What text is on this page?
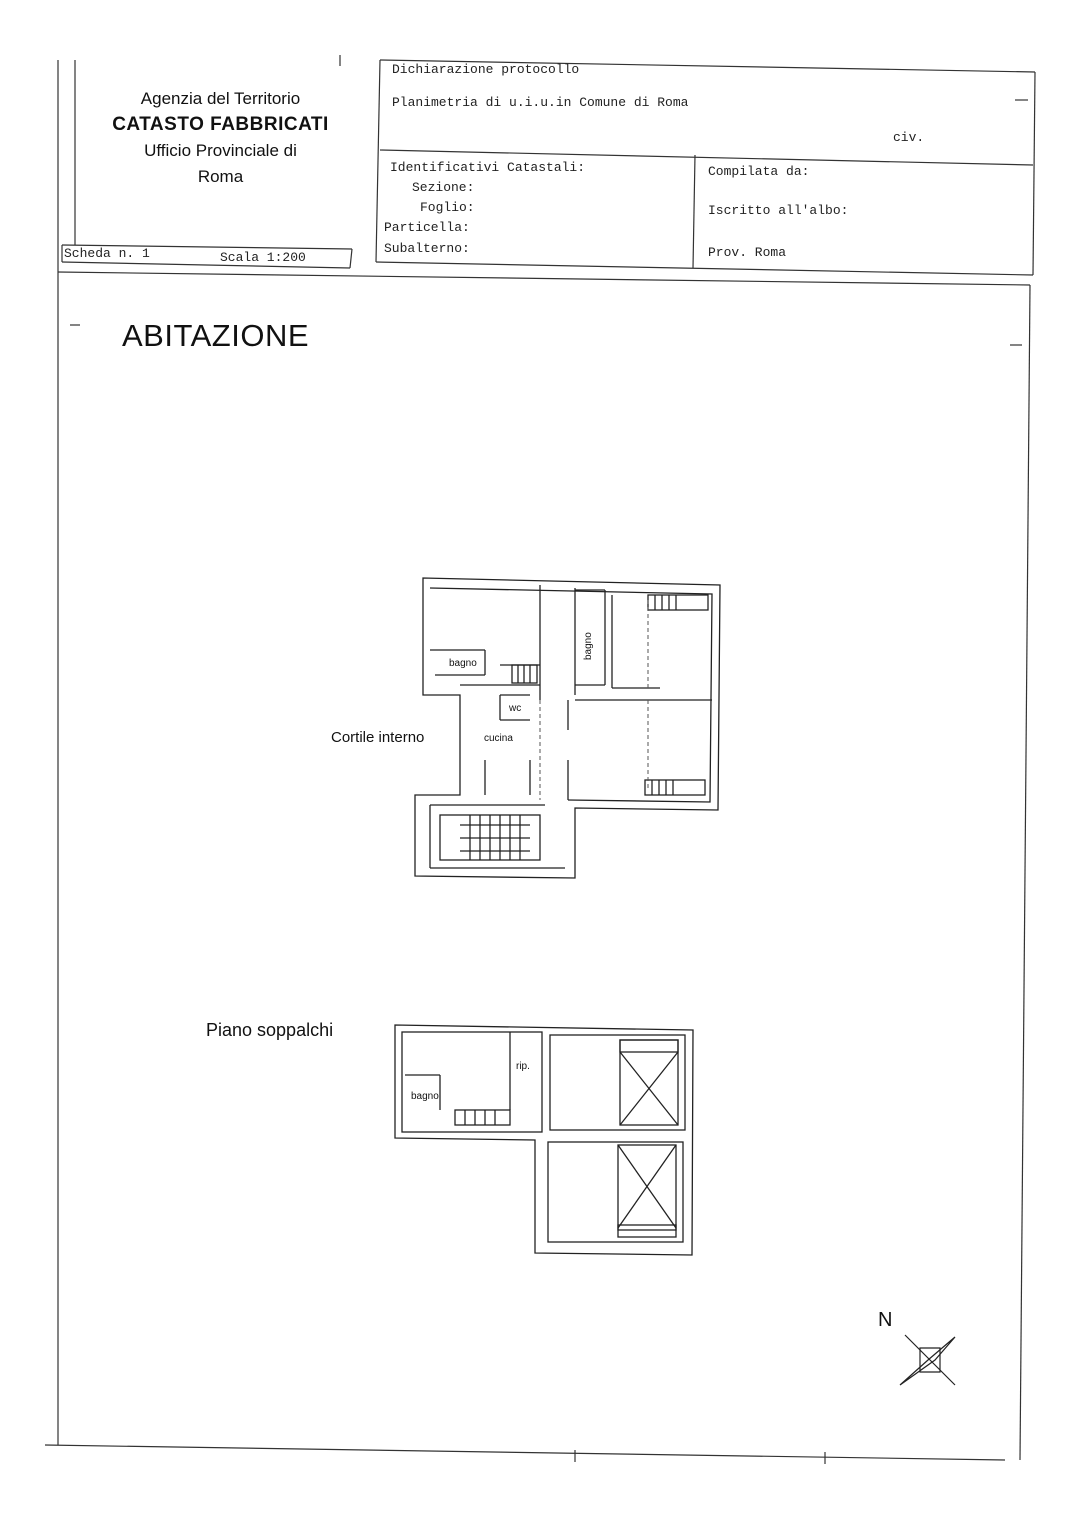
Agenzia del Territorio
CATASTO FABBRICATI
Ufficio Provinciale di
Roma
Dichiarazione protocollo
Planimetria di u.i.u.in Comune di Roma
civ.
Identificativi Catastali:
Sezione:
Foglio:
Particella:
Subalterno:
Compilata da:
Iscritto all'albo:
Prov. Roma
Scheda n. 1	Scala 1:200
ABITAZIONE
Cortile interno
Piano soppalchi
bagno
bagno
wc
cucina
bagno
rip.
N
